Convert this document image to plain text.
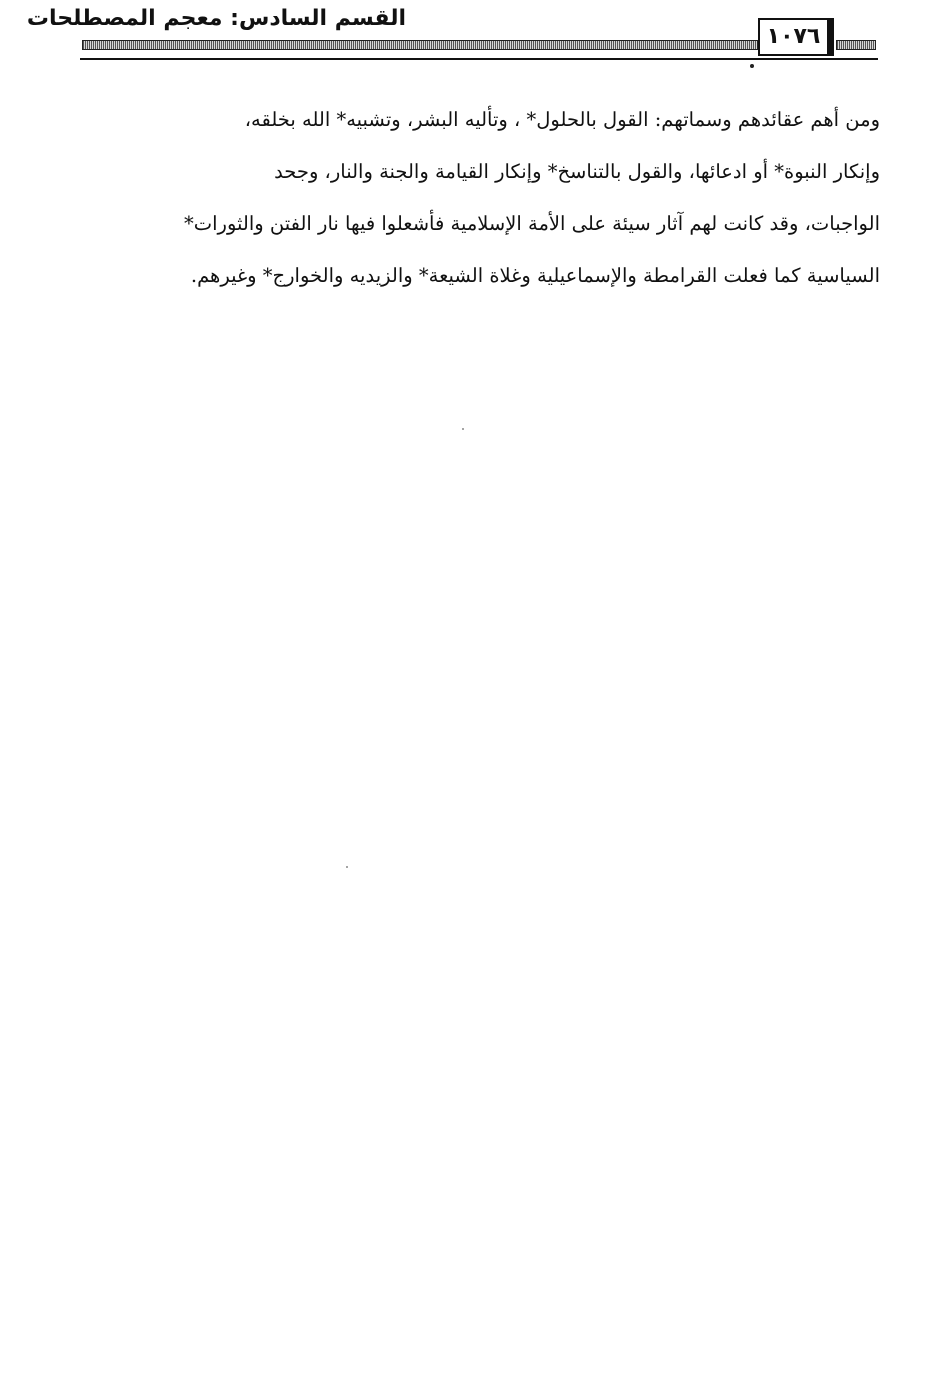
القسم السادس: معجم المصطلحات
١٠٧٦
ومن أهم عقائدهم وسماتهم: القول بالحلول* ، وتأليه البشر، وتشبيه* الله بخلقه،
وإنكار النبوة* أو ادعائها، والقول بالتناسخ* وإنكار القيامة والجنة والنار، وجحد
الواجبات، وقد كانت لهم آثار سيئة على الأمة الإسلامية فأشعلوا فيها نار الفتن والثورات*
السياسية كما فعلت القرامطة والإسماعيلية وغلاة الشيعة* والزيديه والخوارج* وغيرهم.
